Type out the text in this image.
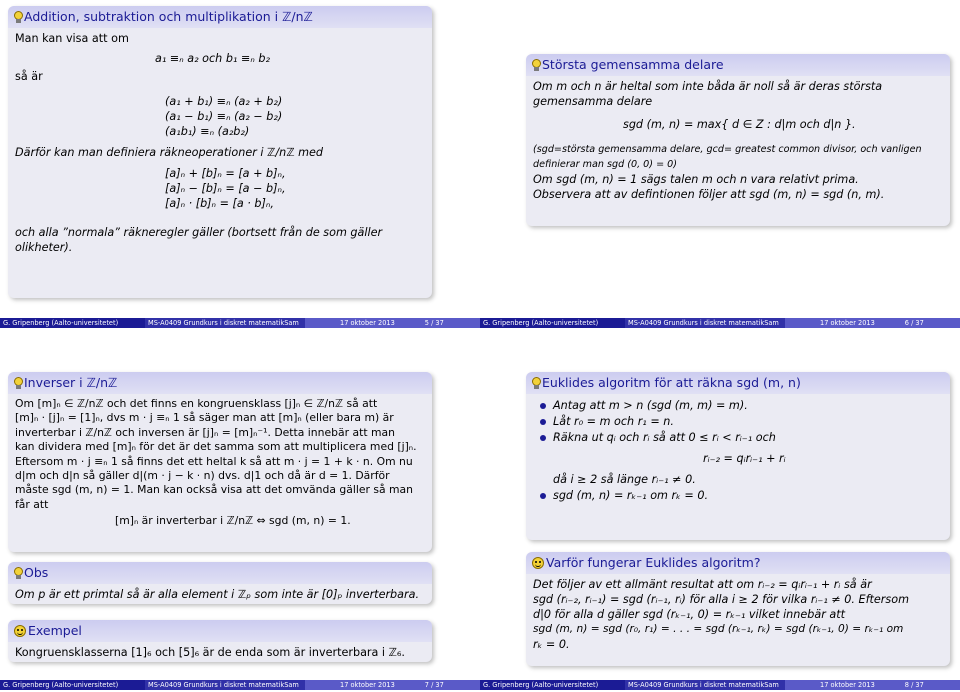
Addition, subtraktion och multiplikation i ℤ/nℤ
Man kan visa att om
a₁ ≡ₙ a₂ och b₁ ≡ₙ b₂
så är
(a₁ + b₁) ≡ₙ (a₂ + b₂)
(a₁ − b₁) ≡ₙ (a₂ − b₂)
(a₁b₁) ≡ₙ (a₂b₂)
Därför kan man definiera räkneoperationer i ℤ/nℤ med
[a]ₙ + [b]ₙ = [a + b]ₙ,
[a]ₙ − [b]ₙ = [a − b]ₙ,
[a]ₙ · [b]ₙ = [a · b]ₙ,
och alla ”normala” räkneregler gäller (bortsett från de som gäller
olikheter).
G. Gripenberg (Aalto-universitetet)	MS-A0409 Grundkurs i diskret matematikSam	17 oktober 2013	5 / 37
Största gemensamma delare
Om m och n är heltal som inte båda är noll så är deras största
gemensamma delare
sgd (m, n) = max{ d ∈ Z : d|m och d|n }.
(sgd=största gemensamma delare, gcd= greatest common divisor, och vanligen
definierar man sgd (0, 0) = 0)
Om sgd (m, n) = 1 sägs talen m och n vara relativt prima.
Observera att av defintionen följer att sgd (m, n) = sgd (n, m).
G. Gripenberg (Aalto-universitetet)	MS-A0409 Grundkurs i diskret matematikSam	17 oktober 2013	6 / 37
Inverser i ℤ/nℤ
Om [m]ₙ ∈ ℤ/nℤ och det finns en kongruensklass [j]ₙ ∈ ℤ/nℤ så att
[m]ₙ · [j]ₙ = [1]ₙ, dvs m · j ≡ₙ 1 så säger man att [m]ₙ (eller bara m) är
inverterbar i ℤ/nℤ och inversen är [j]ₙ = [m]ₙ⁻¹. Detta innebär att man
kan dividera med [m]ₙ för det är det samma som att multiplicera med [j]ₙ.
Eftersom m · j ≡ₙ 1 så finns det ett heltal k så att m · j = 1 + k · n. Om nu
d|m och d|n så gäller d|(m · j − k · n) dvs. d|1 och då är d = 1. Därför
måste sgd (m, n) = 1. Man kan också visa att det omvända gäller så man
får att
[m]ₙ är inverterbar i ℤ/nℤ ⇔ sgd (m, n) = 1.
Obs
Om p är ett primtal så är alla element i ℤₚ som inte är [0]ₚ inverterbara.
Exempel
Kongruensklasserna [1]₆ och [5]₆ är de enda som är inverterbara i ℤ₆.
G. Gripenberg (Aalto-universitetet)	MS-A0409 Grundkurs i diskret matematikSam	17 oktober 2013	7 / 37
Euklides algoritm för att räkna sgd (m, n)
Antag att m > n (sgd (m, m) = m).
Låt r₀ = m och r₁ = n.
Räkna ut qᵢ och rᵢ så att 0 ≤ rᵢ < rᵢ₋₁ och
rᵢ₋₂ = qᵢrᵢ₋₁ + rᵢ
då i ≥ 2 så länge rᵢ₋₁ ≠ 0.
sgd (m, n) = rₖ₋₁ om rₖ = 0.
Varför fungerar Euklides algoritm?
Det följer av ett allmänt resultat att om rᵢ₋₂ = qᵢrᵢ₋₁ + rᵢ så är
sgd (rᵢ₋₂, rᵢ₋₁) = sgd (rᵢ₋₁, rᵢ) för alla i ≥ 2 för vilka rᵢ₋₁ ≠ 0. Eftersom
d|0 för alla d gäller sgd (rₖ₋₁, 0) = rₖ₋₁ vilket innebär att
sgd (m, n) = sgd (r₀, r₁) = . . . = sgd (rₖ₋₁, rₖ) = sgd (rₖ₋₁, 0) = rₖ₋₁ om
rₖ = 0.
G. Gripenberg (Aalto-universitetet)	MS-A0409 Grundkurs i diskret matematikSam	17 oktober 2013	8 / 37
